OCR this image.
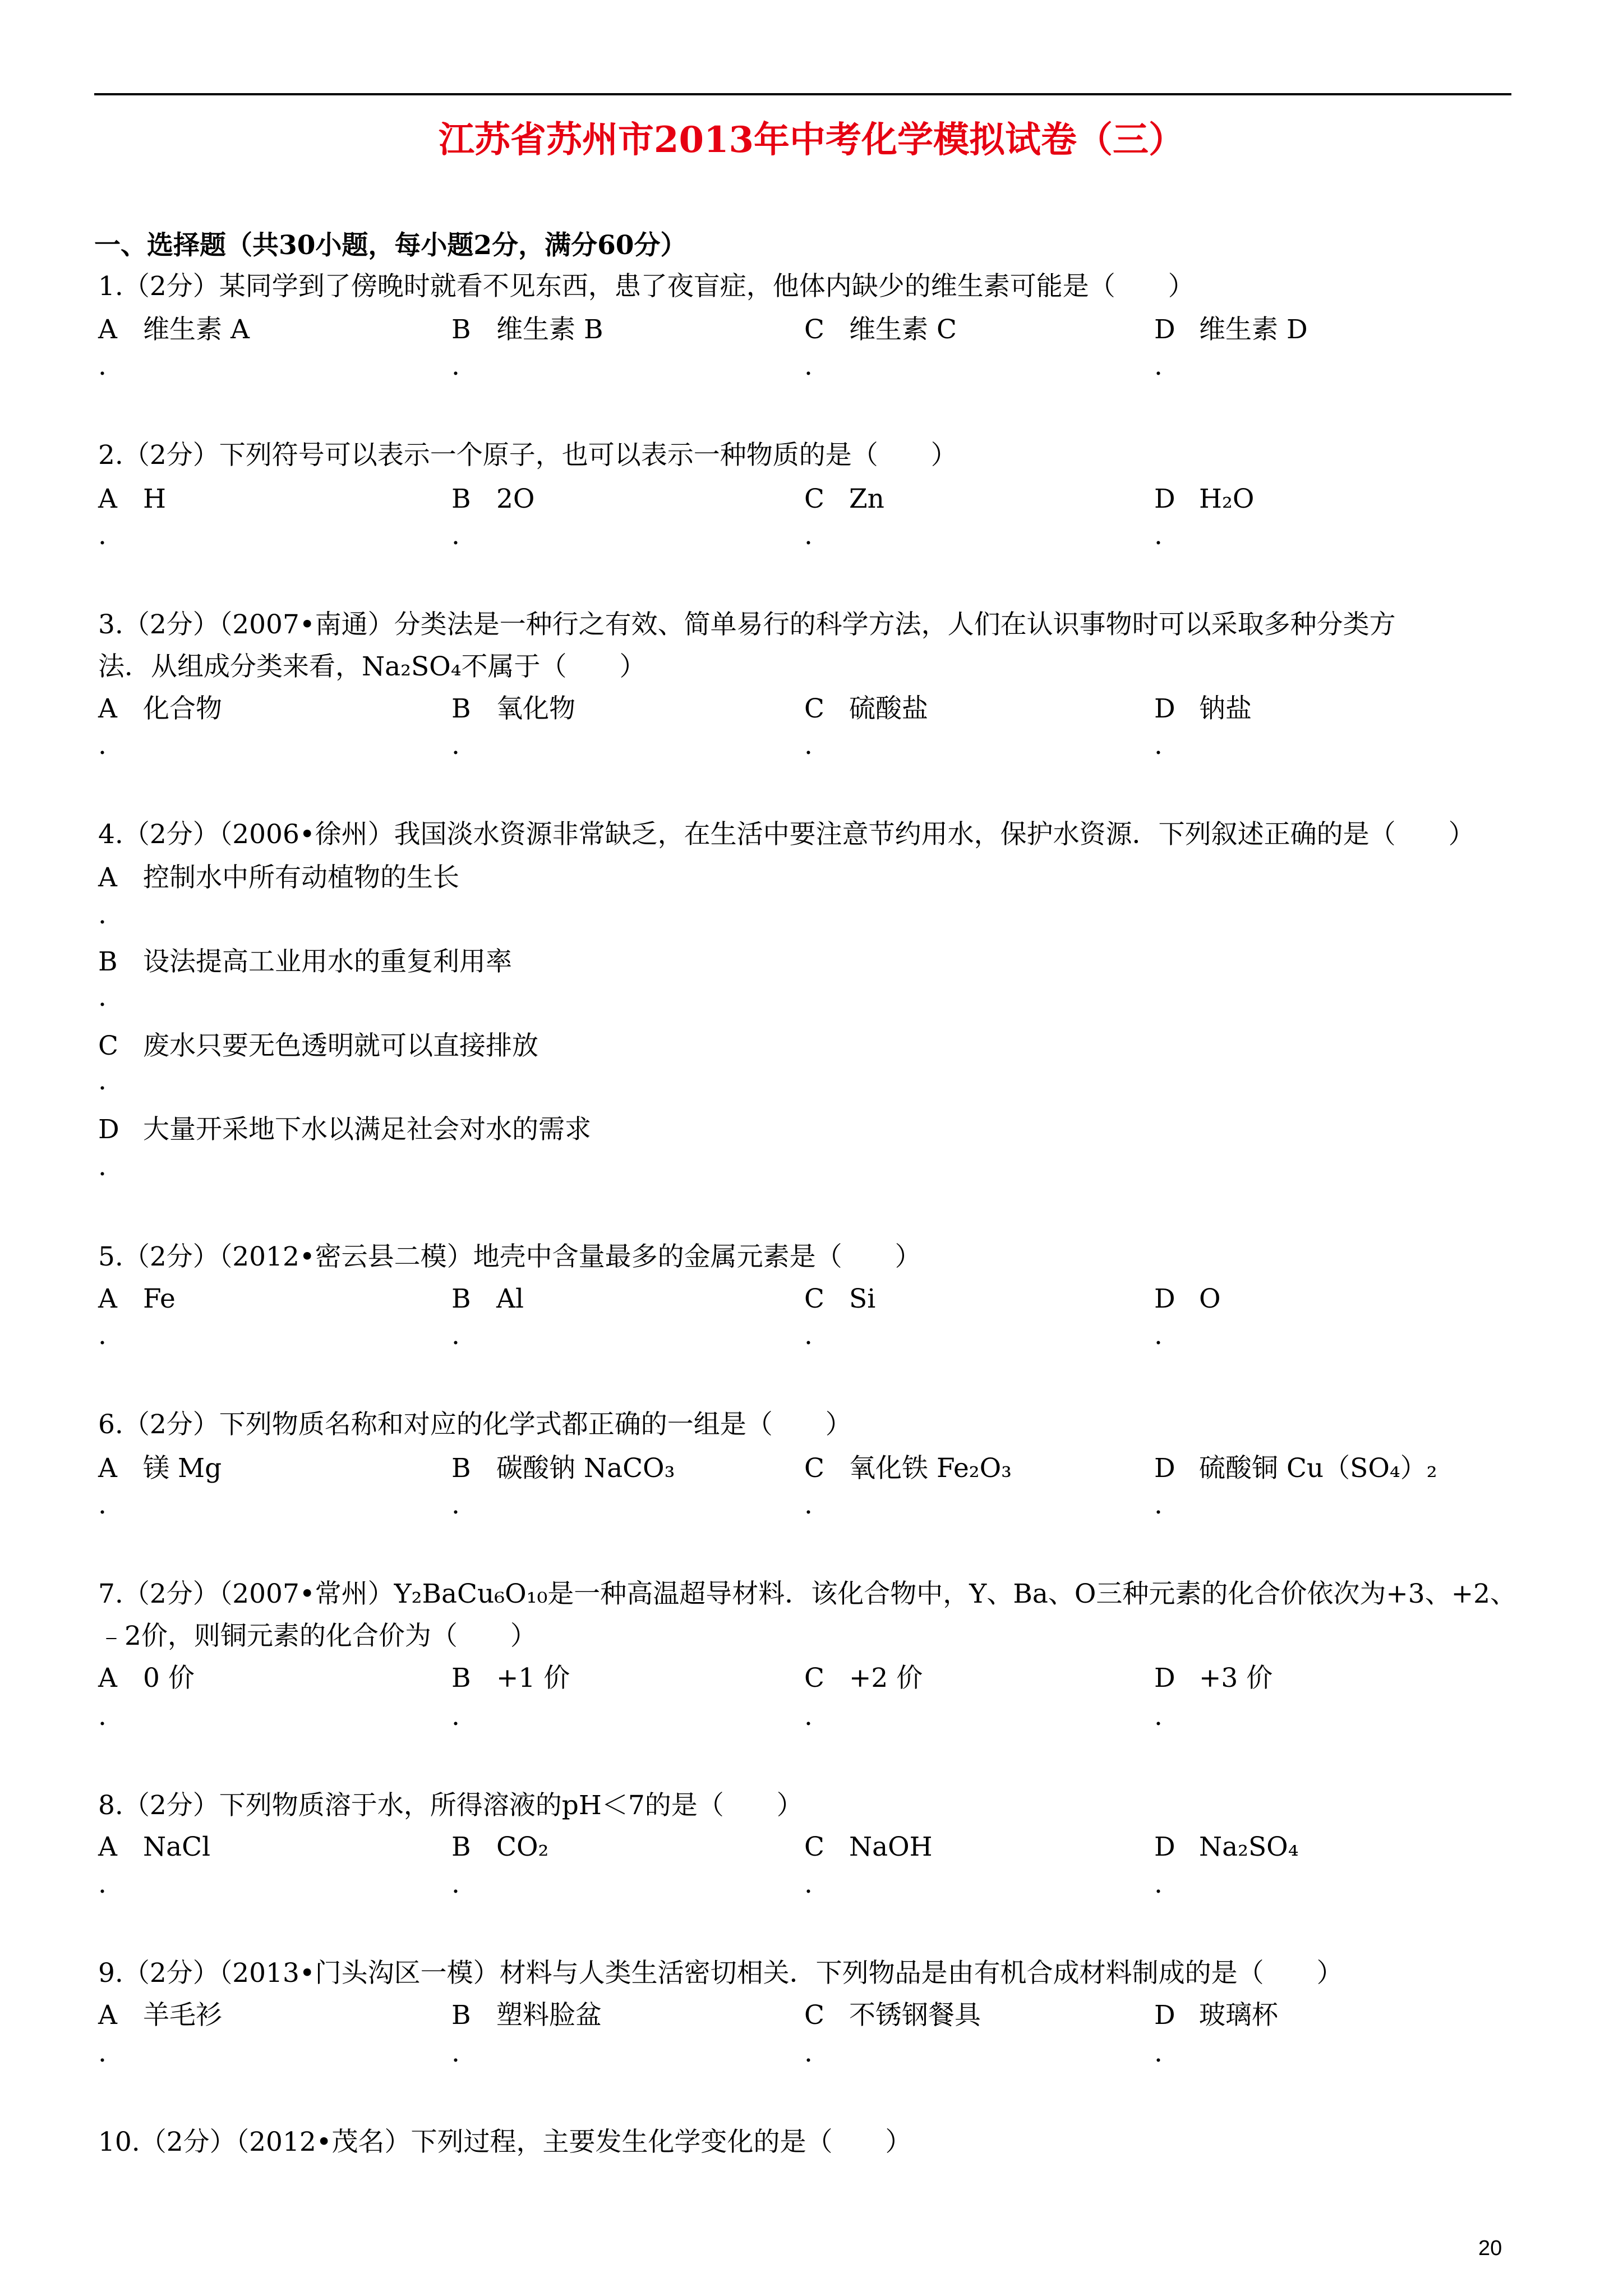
江苏省苏州市2013年中考化学模拟试卷（三）
一、选择题（共30小题，每小题2分，满分60分）
1.（2分）某同学到了傍晚时就看不见东西，患了夜盲症，他体内缺少的维生素可能是（　　）
A 维生素 A	B 维生素 B	C 维生素 C	D 维生素 D
.	.	.	.
2.（2分）下列符号可以表示一个原子，也可以表示一种物质的是（　　）
A H	B 2O	C Zn	D H₂O
.	.	.	.
3.（2分）（2007•南通）分类法是一种行之有效、简单易行的科学方法，人们在认识事物时可以采取多种分类方
法．从组成分类来看，Na₂SO₄不属于（　　）
A 化合物	B 氧化物	C 硫酸盐	D 钠盐
.	.	.	.
4.（2分）（2006•徐州）我国淡水资源非常缺乏，在生活中要注意节约用水，保护水资源．下列叙述正确的是（　　）
A 控制水中所有动植物的生长
.
B 设法提高工业用水的重复利用率
.
C 废水只要无色透明就可以直接排放
.
D 大量开采地下水以满足社会对水的需求
.
5.（2分）（2012•密云县二模）地壳中含量最多的金属元素是（　　）
A Fe	B Al	C Si	D O
.	.	.	.
6.（2分）下列物质名称和对应的化学式都正确的一组是（　　）
A 镁 Mg	B 碳酸钠 NaCO₃	C 氧化铁 Fe₂O₃	D 硫酸铜 Cu（SO₄）₂
.	.	.	.
7.（2分）（2007•常州）Y₂BaCu₆O₁₀是一种高温超导材料．该化合物中，Y、Ba、O三种元素的化合价依次为+3、+2、
﹣2价，则铜元素的化合价为（　　）
A 0 价	B +1 价	C +2 价	D +3 价
.	.	.	.
8.（2分）下列物质溶于水，所得溶液的pH＜7的是（　　）
A NaCl	B CO₂	C NaOH	D Na₂SO₄
.	.	.	.
9.（2分）（2013•门头沟区一模）材料与人类生活密切相关．下列物品是由有机合成材料制成的是（　　）
A 羊毛衫	B 塑料脸盆	C 不锈钢餐具	D 玻璃杯
.	.	.	.
10.（2分）（2012•茂名）下列过程，主要发生化学变化的是（　　）
20
